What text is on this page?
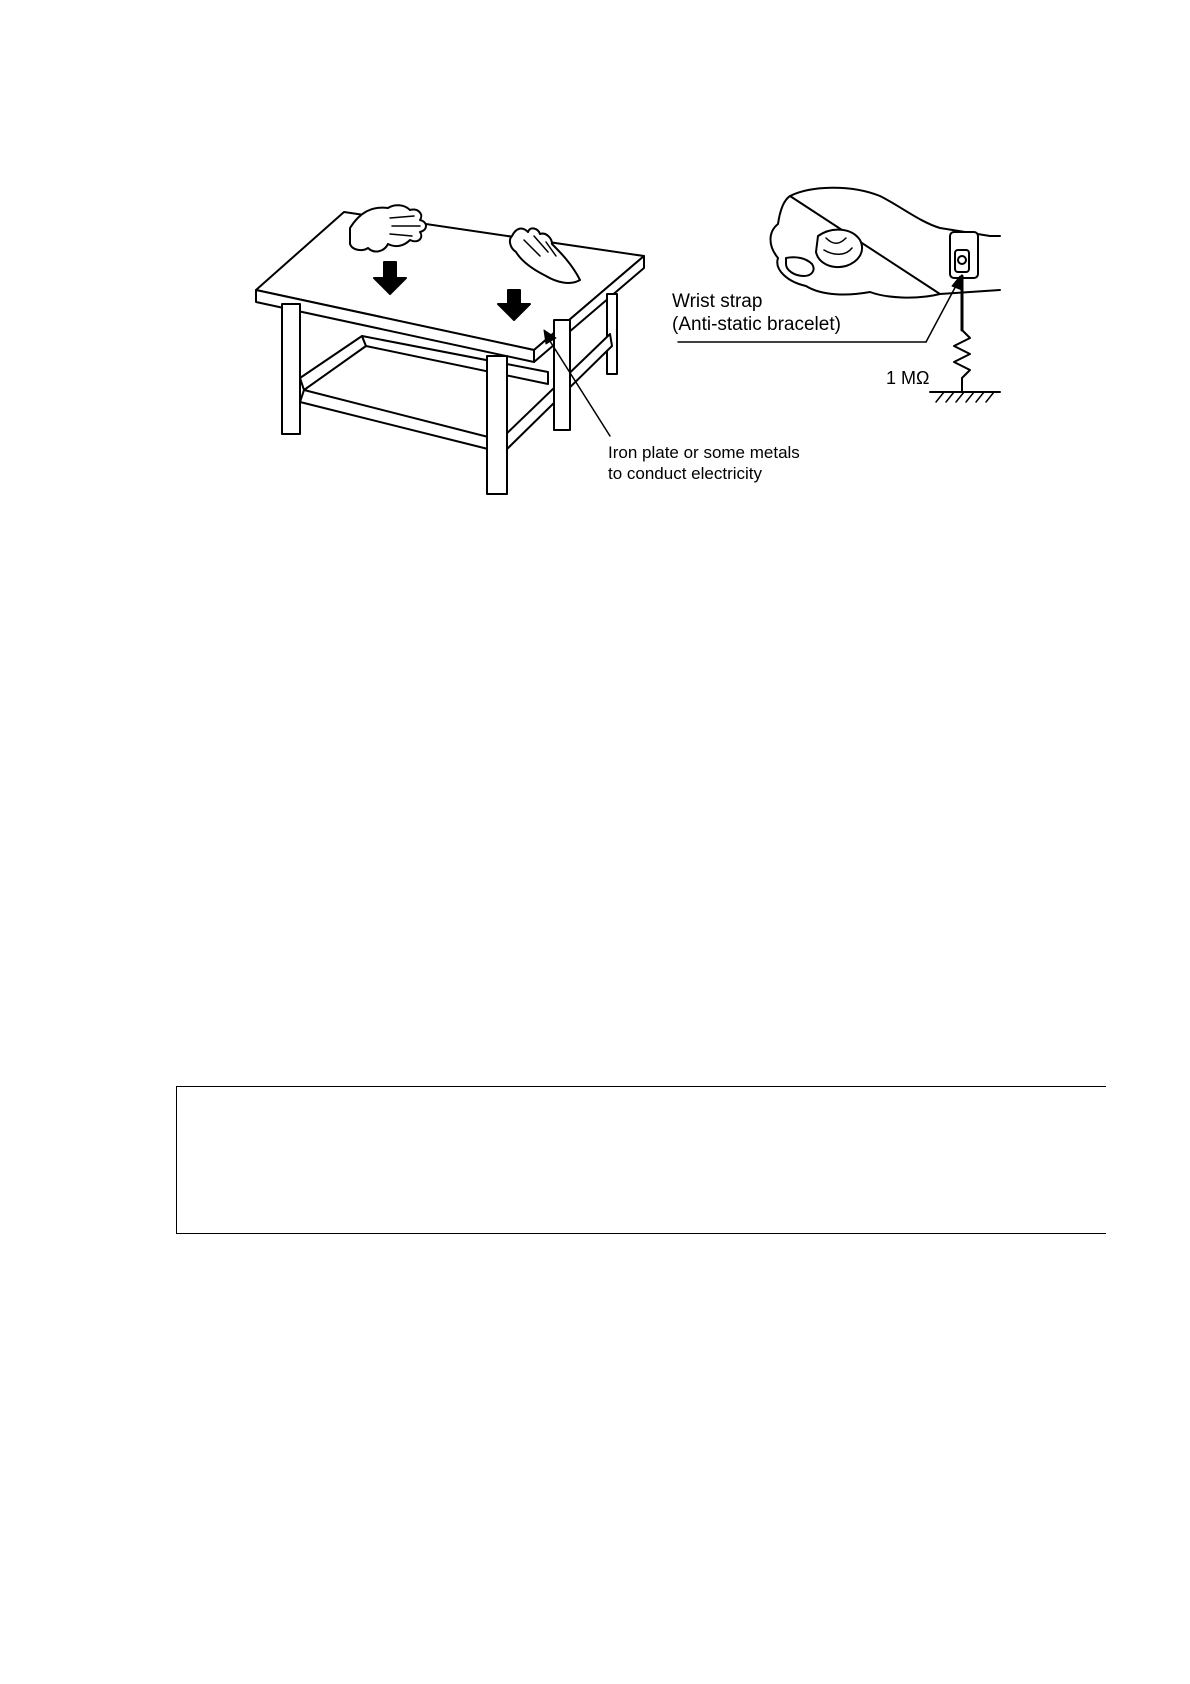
Wrist strap
(Anti-static bracelet)
1 MΩ
Iron plate or some metals
to conduct electricity
